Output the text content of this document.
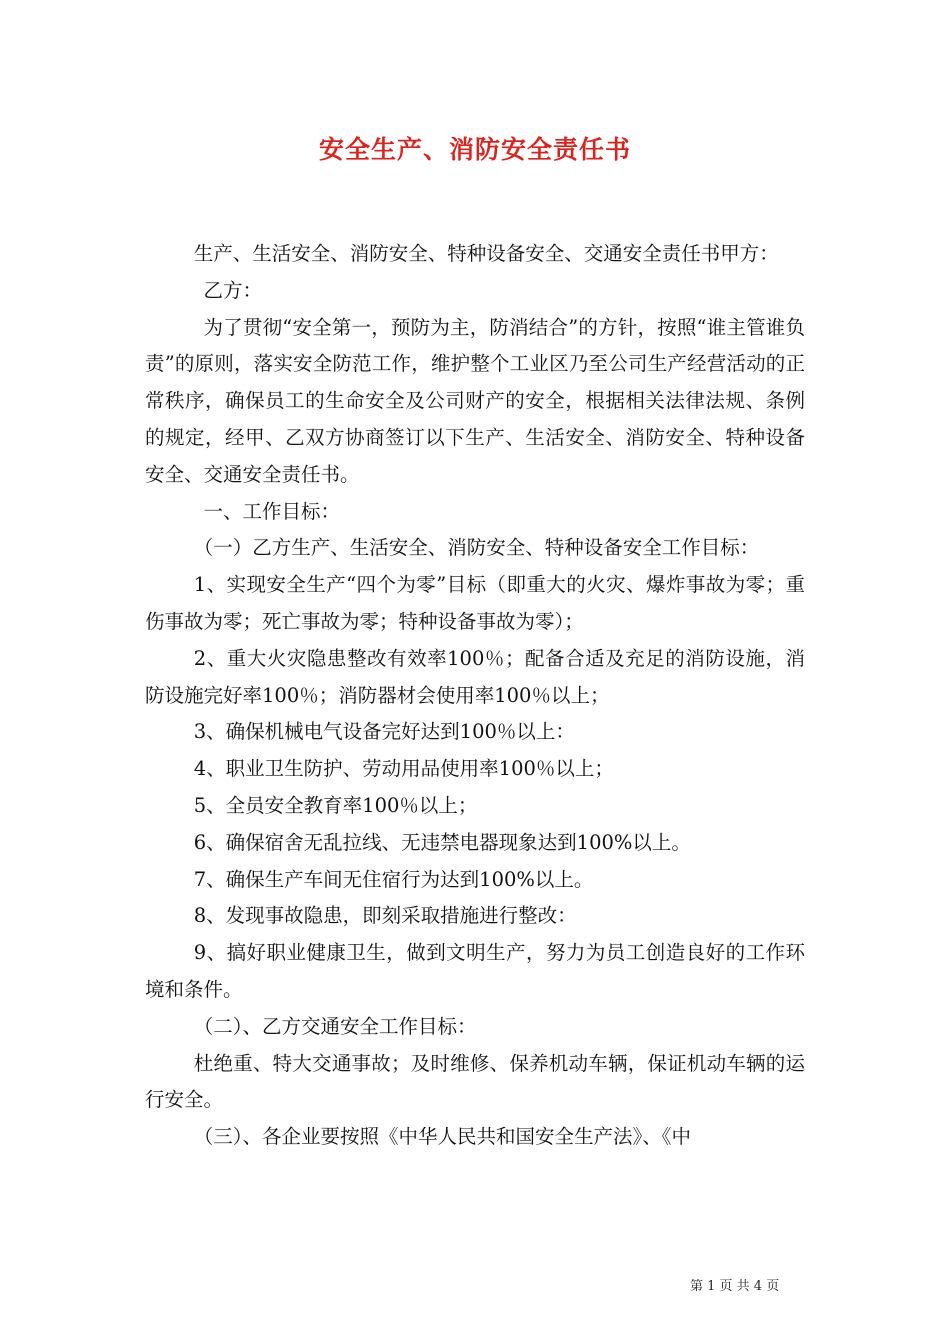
安全生产、消防安全责任书

生产、生活安全、消防安全、特种设备安全、交通安全责任书甲方：

乙方：

为了贯彻“安全第一，预防为主，防消结合”的方针，按照“谁主管谁负责”的原则，落实安全防范工作，维护整个工业区乃至公司生产经营活动的正常秩序，确保员工的生命安全及公司财产的安全，根据相关法律法规、条例的规定，经甲、乙双方协商签订以下生产、生活安全、消防安全、特种设备安全、交通安全责任书。

一、工作目标：

（一）乙方生产、生活安全、消防安全、特种设备安全工作目标：

1、实现安全生产“四个为零”目标（即重大的火灾、爆炸事故为零；重伤事故为零；死亡事故为零；特种设备事故为零）；

2、重大火灾隐患整改有效率100％；配备合适及充足的消防设施，消防设施完好率100％；消防器材会使用率100％以上；

3、确保机械电气设备完好达到100％以上：

4、职业卫生防护、劳动用品使用率100％以上；

5、全员安全教育率100％以上；

6、确保宿舍无乱拉线、无违禁电器现象达到100%以上。

7、确保生产车间无住宿行为达到100%以上。

8、发现事故隐患，即刻采取措施进行整改：

9、搞好职业健康卫生，做到文明生产，努力为员工创造良好的工作环境和条件。

（二）、乙方交通安全工作目标：

杜绝重、特大交通事故；及时维修、保养机动车辆，保证机动车辆的运行安全。

（三）、各企业要按照《中华人民共和国安全生产法》、《中

第 1 页 共 4 页
